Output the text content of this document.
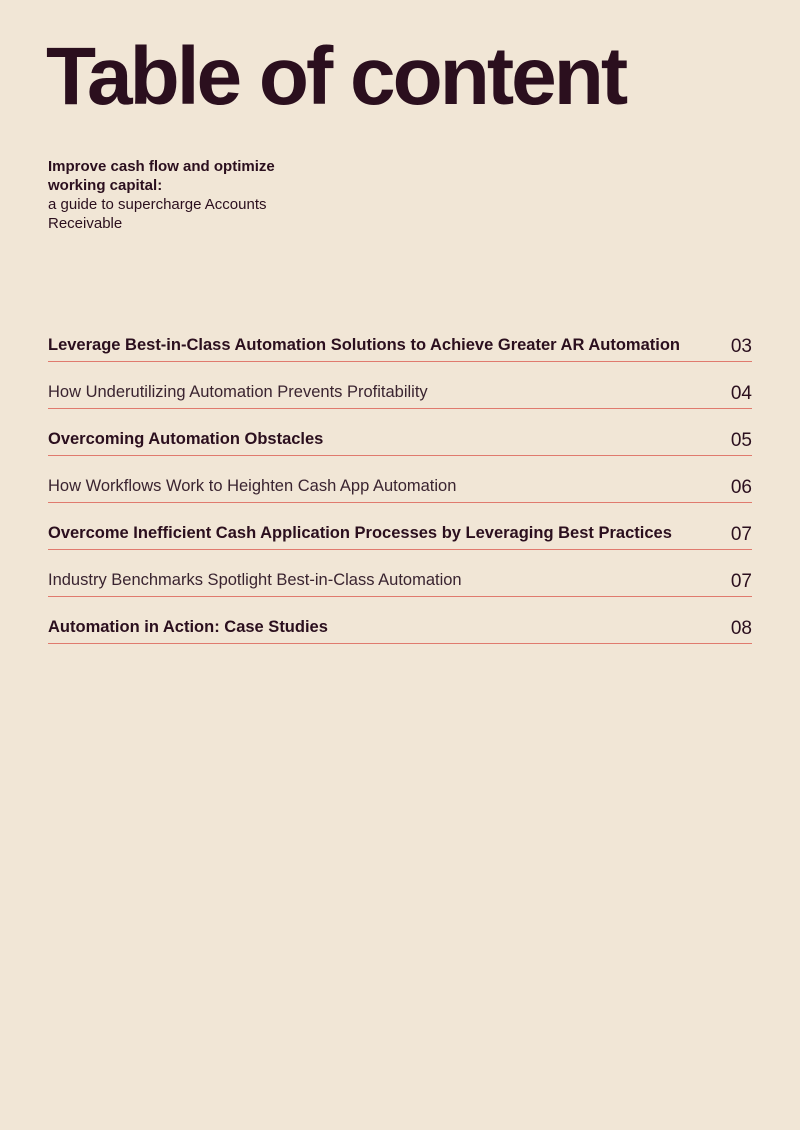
Table of content
Improve cash flow and optimize working capital:
a guide to supercharge Accounts Receivable
Leverage Best-in-Class Automation Solutions to Achieve Greater AR Automation	03
How Underutilizing Automation Prevents Profitability	04
Overcoming Automation Obstacles	05
How Workflows Work to Heighten Cash App Automation	06
Overcome Inefficient Cash Application Processes by Leveraging Best Practices	07
Industry Benchmarks Spotlight Best-in-Class Automation	07
Automation in Action: Case Studies	08
